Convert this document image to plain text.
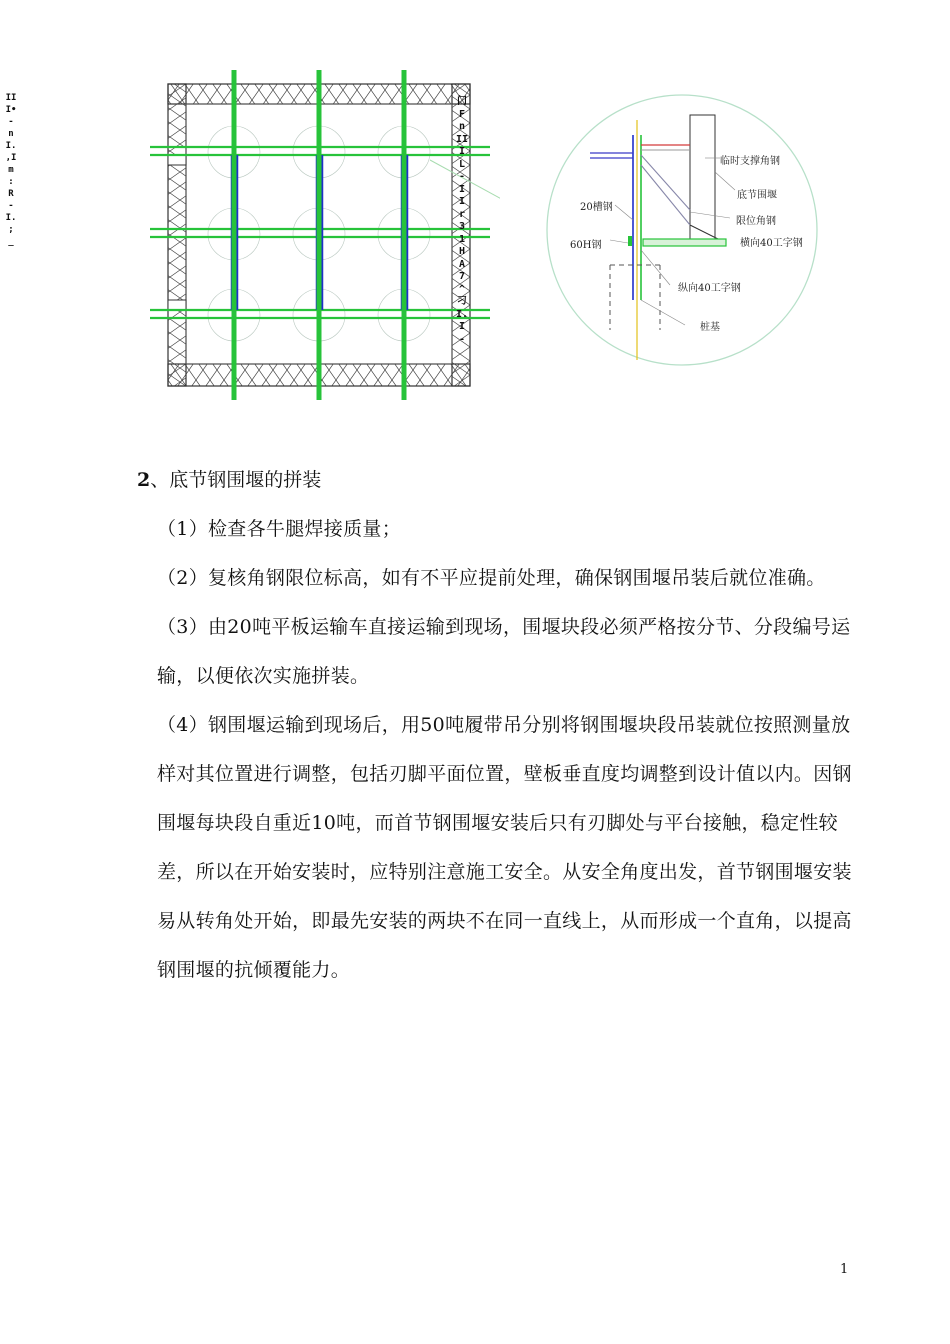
II I• - nI. ,I m : R - I. ; _
门 F n II I L - I I r 3 1 H A 7 ^ 刁 I. I -
临时支撑角钢
底节围堰
20槽钢
限位角钢
横向40工字钢
60H钢
纵向40工字钢
桩基

2、底节钢围堰的拼装

（1）检查各牛腿焊接质量；

（2）复核角钢限位标高，如有不平应提前处理，确保钢围堰吊装后就位准确。

（3）由20吨平板运输车直接运输到现场，围堰块段必须严格按分节、分段编号运输，以便依次实施拼装。

（4）钢围堰运输到现场后，用50吨履带吊分别将钢围堰块段吊装就位按照测量放样对其位置进行调整，包括刃脚平面位置，壁板垂直度均调整到设计值以内。因钢围堰每块段自重近10吨，而首节钢围堰安装后只有刃脚处与平台接触，稳定性较差，所以在开始安装时，应特别注意施工安全。从安全角度出发，首节钢围堰安装易从转角处开始，即最先安装的两块不在同一直线上，从而形成一个直角，以提高钢围堰的抗倾覆能力。

1
